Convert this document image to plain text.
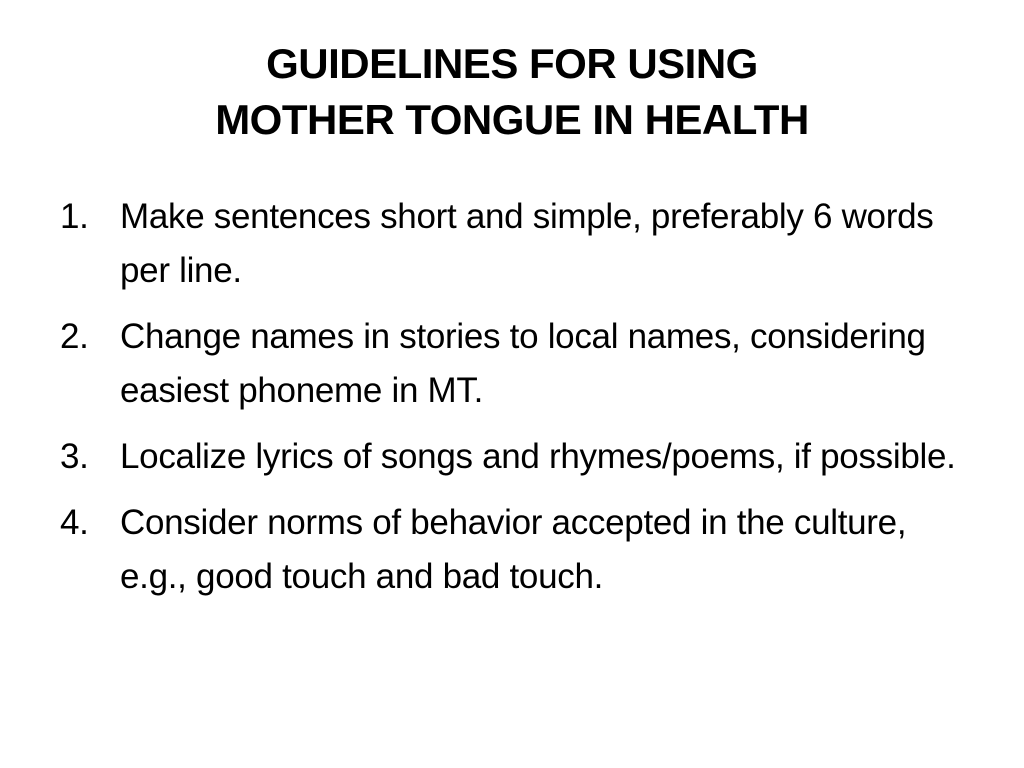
GUIDELINES FOR USING
MOTHER TONGUE IN HEALTH
1. Make sentences short and simple, preferably 6 words per line.
2. Change names in stories to local names, considering easiest phoneme in MT.
3. Localize lyrics of songs and rhymes/poems, if possible.
4. Consider norms of behavior accepted in the culture, e.g., good touch and bad touch.
